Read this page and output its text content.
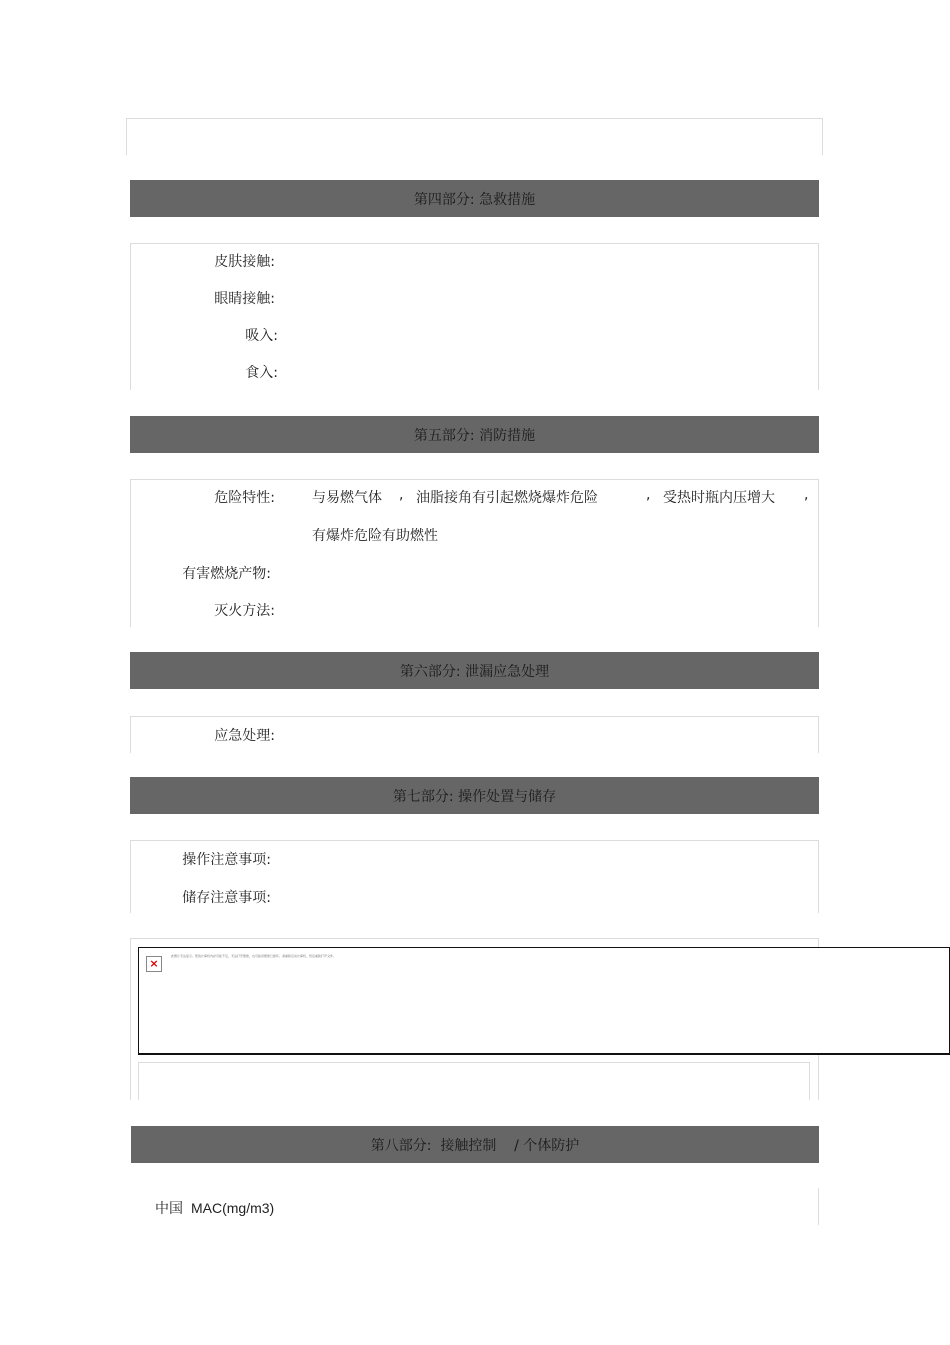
第四部分: 急救措施
皮肤接触:
眼睛接触:
吸入:
食入:
第五部分: 消防措施
危险特性:	与易燃气体 , 油脂接角有引起燃烧爆炸危险	, 受热时瓶内压增大 ,
有爆炸危险有助燃性
有害燃烧产物:
灭火方法:
第六部分: 泄漏应急处理
应急处理:
第七部分: 操作处置与储存
操作注意事项:
储存注意事项:
×
此图片无法显示。您的计算机内存可能不足，无法打开图像，也可能是图像已损坏。请重新启动计算机，然后重新打开文件。
第八部分:  接触控制    / 个体防护
中国 MAC(mg/m3)
